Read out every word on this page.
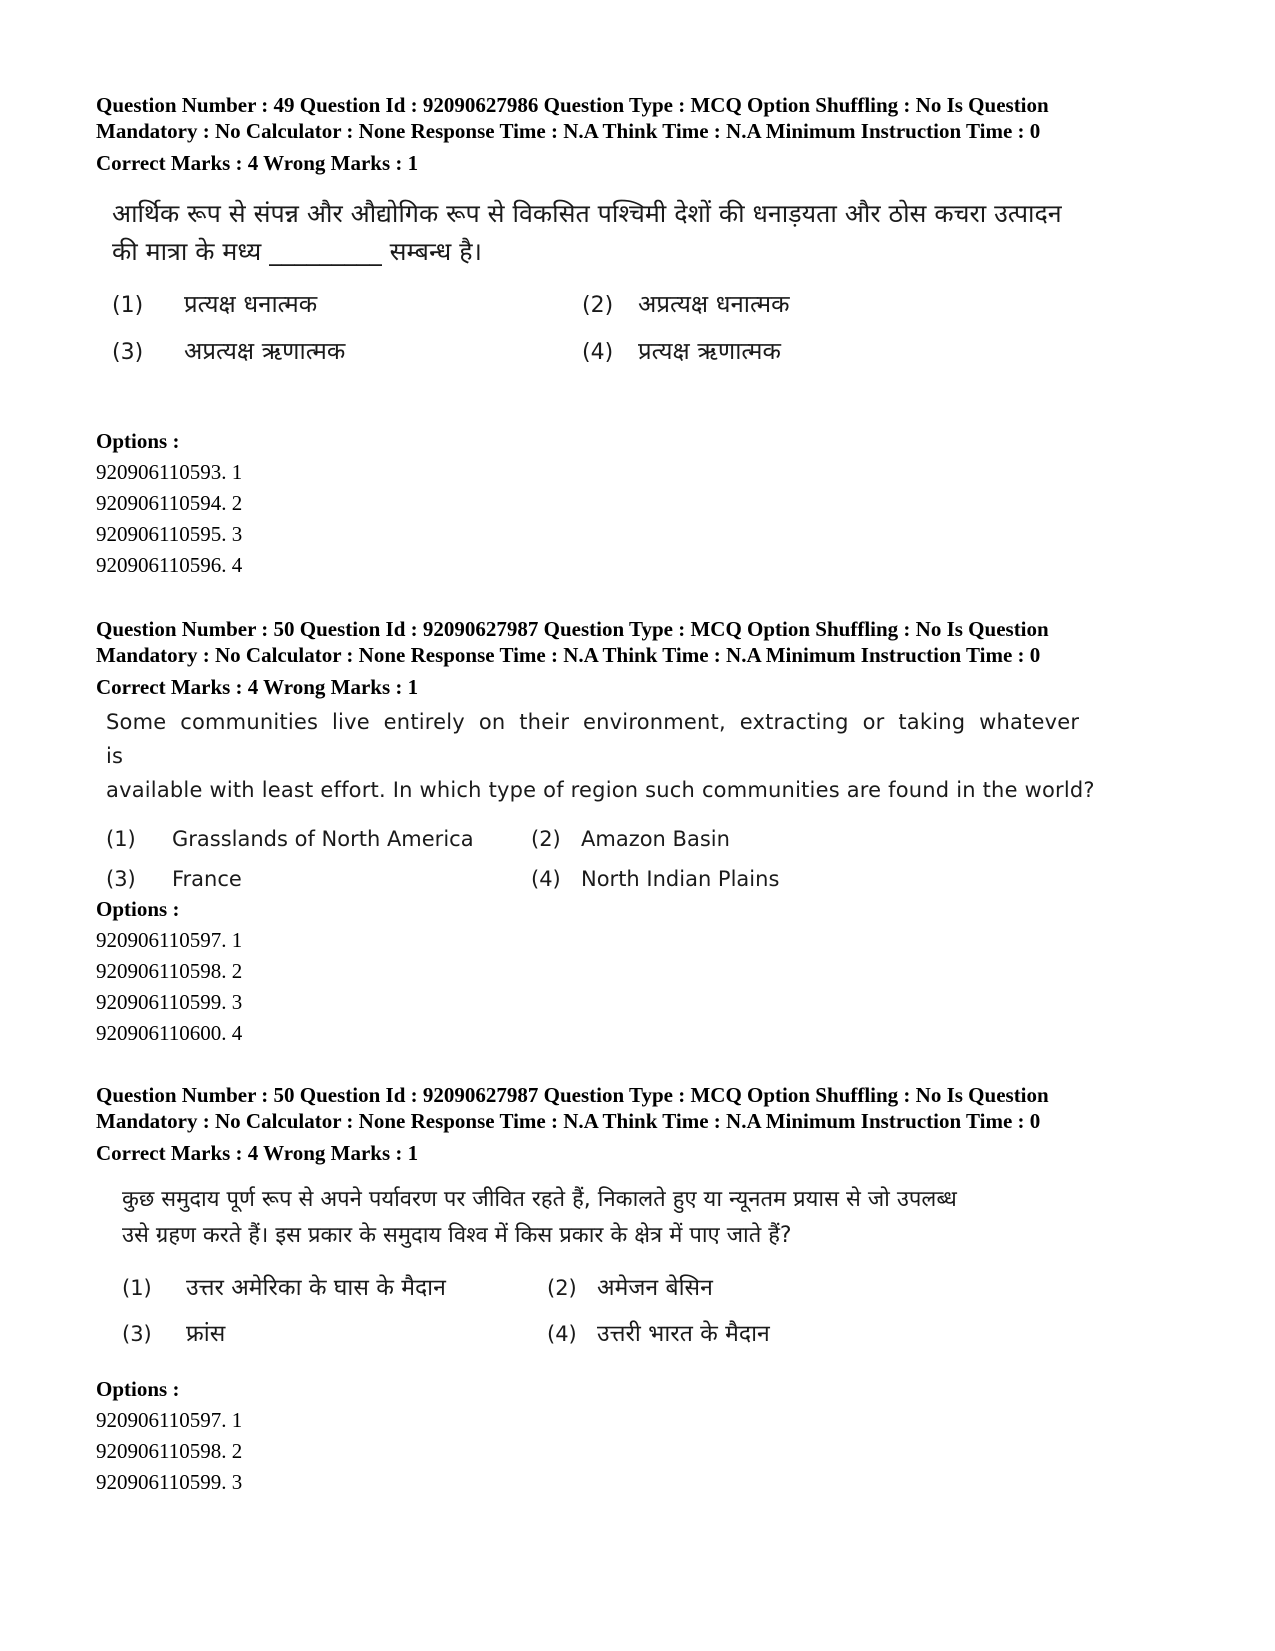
Question Number : 49 Question Id : 92090627986 Question Type : MCQ Option Shuffling : No Is Question
Mandatory : No Calculator : None Response Time : N.A Think Time : N.A Minimum Instruction Time : 0
Correct Marks : 4 Wrong Marks : 1
आर्थिक रूप से संपन्न और औद्योगिक रूप से विकसित पश्चिमी देशों की धनाड़यता और ठोस कचरा उत्पादन
की मात्रा के मध्य _________ सम्बन्ध है।
(1)	प्रत्यक्ष धनात्मक	(2)	अप्रत्यक्ष धनात्मक
(3)	अप्रत्यक्ष ऋणात्मक	(4)	प्रत्यक्ष ऋणात्मक
Options :
920906110593. 1
920906110594. 2
920906110595. 3
920906110596. 4
Question Number : 50 Question Id : 92090627987 Question Type : MCQ Option Shuffling : No Is Question
Mandatory : No Calculator : None Response Time : N.A Think Time : N.A Minimum Instruction Time : 0
Correct Marks : 4 Wrong Marks : 1
Some communities live entirely on their environment, extracting or taking whatever is
available with least effort. In which type of region such communities are found in the world?
(1)	Grasslands of North America	(2) Amazon Basin
(3)	France	(4) North Indian Plains
Options :
920906110597. 1
920906110598. 2
920906110599. 3
920906110600. 4
Question Number : 50 Question Id : 92090627987 Question Type : MCQ Option Shuffling : No Is Question
Mandatory : No Calculator : None Response Time : N.A Think Time : N.A Minimum Instruction Time : 0
Correct Marks : 4 Wrong Marks : 1
कुछ समुदाय पूर्ण रूप से अपने पर्यावरण पर जीवित रहते हैं, निकालते हुए या न्यूनतम प्रयास से जो उपलब्ध
उसे ग्रहण करते हैं। इस प्रकार के समुदाय विश्व में किस प्रकार के क्षेत्र में पाए जाते हैं?
(1)	उत्तर अमेरिका के घास के मैदान	(2) अमेजन बेसिन
(3)	फ्रांस	(4) उत्तरी भारत के मैदान
Options :
920906110597. 1
920906110598. 2
920906110599. 3
